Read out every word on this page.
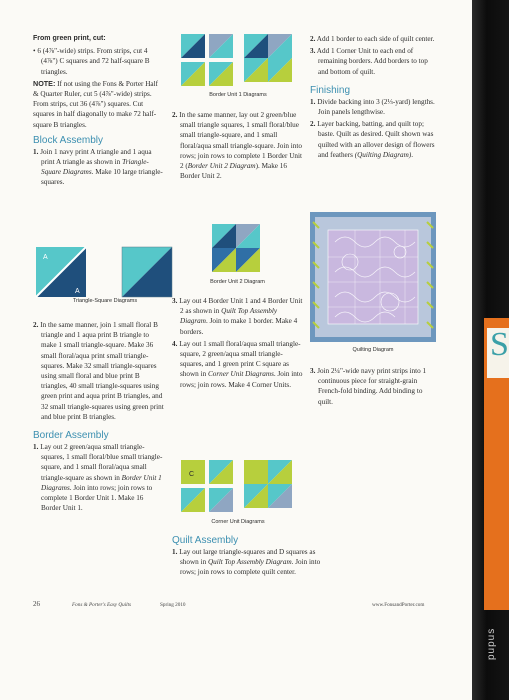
From green print, cut:

• 6 (4⅞"-wide) strips. From strips, cut 4 (4⅞") C squares and 72 half-square B triangles.

NOTE: If not using the Fons & Porter Half & Quarter Ruler, cut 5 (4⅞"-wide) strips. From strips, cut 36 (4⅞") squares. Cut squares in half diagonally to make 72 half-square B triangles.

Block Assembly

1. Join 1 navy print A triangle and 1 aqua print A triangle as shown in Triangle-Square Diagrams. Make 10 large triangle-squares.

A
A
Triangle-Square Diagrams

2. In the same manner, join 1 small floral B triangle and 1 aqua print B triangle to make 1 small triangle-square. Make 36 small floral/aqua print small triangle-squares. Make 32 small triangle-squares using small floral and blue print B triangles, 40 small triangle-squares using green print and aqua print B triangles, and 32 small triangle-squares using green print and blue print B triangles.

Border Assembly

1. Lay out 2 green/aqua small triangle-squares, 1 small floral/blue small triangle-square, and 1 small floral/aqua small triangle-square as shown in Border Unit 1 Diagrams. Join into rows; join rows to complete 1 Border Unit 1. Make 16 Border Unit 1.

Border Unit 1 Diagrams

2. In the same manner, lay out 2 green/blue small triangle squares, 1 small floral/blue small triangle-square, and 1 small floral/aqua small triangle-square. Join into rows; join rows to complete 1 Border Unit 2 (Border Unit 2 Diagram). Make 16 Border Unit 2.

Border Unit 2 Diagram

3. Lay out 4 Border Unit 1 and 4 Border Unit 2 as shown in Quilt Top Assembly Diagram. Join to make 1 border. Make 4 borders.

4. Lay out 1 small floral/aqua small triangle-square, 2 green/aqua small triangle-squares, and 1 green print C square as shown in Corner Unit Diagrams. Join into rows; join rows. Make 4 Corner Units.

C
Corner Unit Diagrams
Quilt Assembly

1. Lay out large triangle-squares and D squares as shown in Quilt Top Assembly Diagram. Join into rows; join rows to complete quilt center.

2. Add 1 border to each side of quilt center.

3. Add 1 Corner Unit to each end of remaining borders. Add borders to top and bottom of quilt.

Finishing

1. Divide backing into 3 (2⅓-yard) lengths. Join panels lengthwise.

2. Layer backing, batting, and quilt top; baste. Quilt as desired. Quilt shown was quilted with an allover design of flowers and feathers (Quilting Diagram).

Quilting Diagram

3. Join 2¼"-wide navy print strips into 1 continuous piece for straight-grain French-fold binding. Add binding to quilt.

26	Fons & Porter's Easy Quilts	Spring 2010	www.FonsandPorter.com
S
pupus
